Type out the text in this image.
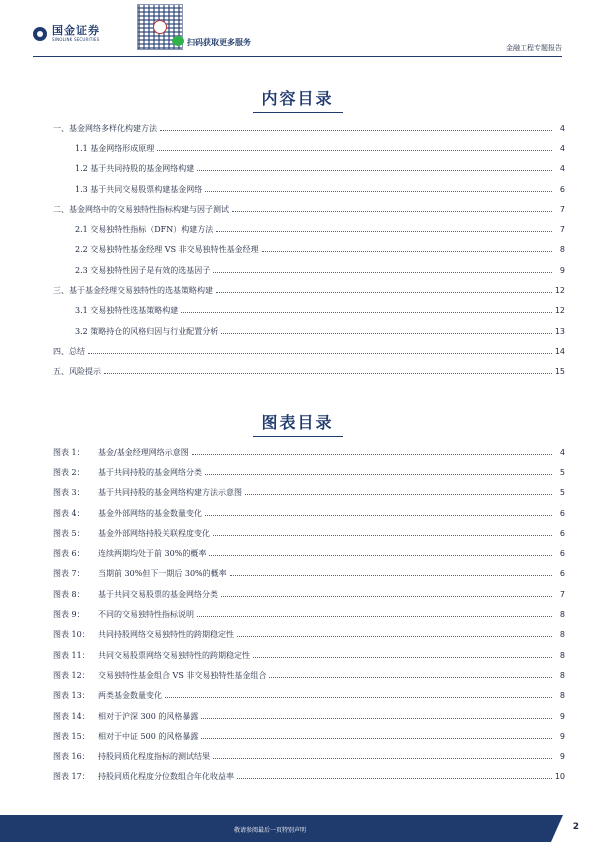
国金证券
SINOLINK SECURITIES	扫码获取更多服务
金融工程专题报告
内容目录
一、基金网络多样化构建方法	4
1.1 基金网络形成原理	4
1.2 基于共同持股的基金网络构建	4
1.3 基于共同交易股票构建基金网络	6
二、基金网络中的交易独特性指标构建与因子测试	7
2.1 交易独特性指标（DFN）构建方法	7
2.2 交易独特性基金经理 VS 非交易独特性基金经理	8
2.3 交易独特性因子是有效的选基因子	9
三、基于基金经理交易独特性的选基策略构建	12
3.1 交易独特性选基策略构建	12
3.2 策略持仓的风格归因与行业配置分析	13
四、总结	14
五、风险提示	15
图表目录
图表 1：	基金/基金经理网络示意图	4
图表 2：	基于共同持股的基金网络分类	5
图表 3：	基于共同持股的基金网络构建方法示意图	5
图表 4：	基金外部网络的基金数量变化	6
图表 5：	基金外部网络持股关联程度变化	6
图表 6：	连续两期均处于前 30%的概率	6
图表 7：	当期前 30%但下一期后 30%的概率	6
图表 8：	基于共同交易股票的基金网络分类	7
图表 9：	不同的交易独特性指标说明	8
图表 10：	共同持股网络交易独特性的跨期稳定性	8
图表 11：	共同交易股票网络交易独特性的跨期稳定性	8
图表 12：	交易独特性基金组合 VS 非交易独特性基金组合	8
图表 13：	两类基金数量变化	8
图表 14：	相对于沪深 300 的风格暴露	9
图表 15：	相对于中证 500 的风格暴露	9
图表 16：	持股同质化程度指标的测试结果	9
图表 17：	持股同质化程度分位数组合年化收益率	10
敬请参阅最后一页特别声明	2
